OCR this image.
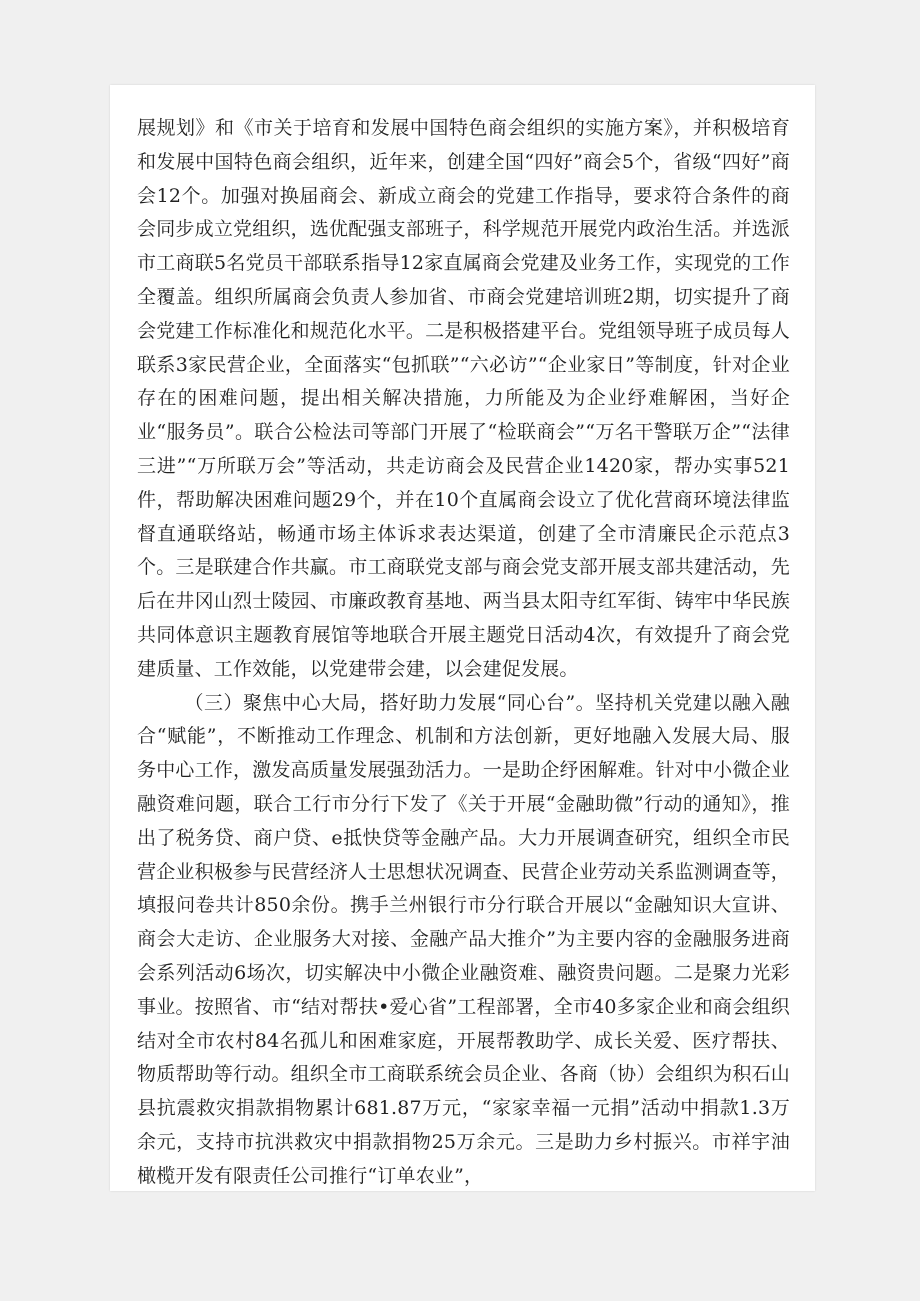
展规划》和《市关于培育和发展中国特色商会组织的实施方案》，并积极培育和发展中国特色商会组织，近年来，创建全国“四好”商会5个，省级“四好”商会12个。加强对换届商会、新成立商会的党建工作指导，要求符合条件的商会同步成立党组织，选优配强支部班子，科学规范开展党内政治生活。并选派市工商联5名党员干部联系指导12家直属商会党建及业务工作，实现党的工作全覆盖。组织所属商会负责人参加省、市商会党建培训班2期，切实提升了商会党建工作标准化和规范化水平。二是积极搭建平台。党组领导班子成员每人联系3家民营企业，全面落实“包抓联”“六必访”“企业家日”等制度，针对企业存在的困难问题，提出相关解决措施，力所能及为企业纾难解困，当好企业“服务员”。联合公检法司等部门开展了“检联商会”“万名干警联万企”“法律三进”“万所联万会”等活动，共走访商会及民营企业1420家，帮办实事521件，帮助解决困难问题29个，并在10个直属商会设立了优化营商环境法律监督直通联络站，畅通市场主体诉求表达渠道，创建了全市清廉民企示范点3个。三是联建合作共赢。市工商联党支部与商会党支部开展支部共建活动，先后在井冈山烈士陵园、市廉政教育基地、两当县太阳寺红军街、铸牢中华民族共同体意识主题教育展馆等地联合开展主题党日活动4次，有效提升了商会党建质量、工作效能，以党建带会建，以会建促发展。

（三）聚焦中心大局，搭好助力发展“同心台”。坚持机关党建以融入融合“赋能”，不断推动工作理念、机制和方法创新，更好地融入发展大局、服务中心工作，激发高质量发展强劲活力。一是助企纾困解难。针对中小微企业融资难问题，联合工行市分行下发了《关于开展“金融助微”行动的通知》，推出了税务贷、商户贷、e抵快贷等金融产品。大力开展调查研究，组织全市民营企业积极参与民营经济人士思想状况调查、民营企业劳动关系监测调查等，填报问卷共计850余份。携手兰州银行市分行联合开展以“金融知识大宣讲、商会大走访、企业服务大对接、金融产品大推介”为主要内容的金融服务进商会系列活动6场次，切实解决中小微企业融资难、融资贵问题。二是聚力光彩事业。按照省、市“结对帮扶•爱心省”工程部署，全市40多家企业和商会组织结对全市农村84名孤儿和困难家庭，开展帮教助学、成长关爱、医疗帮扶、物质帮助等行动。组织全市工商联系统会员企业、各商（协）会组织为积石山县抗震救灾捐款捐物累计681.87万元，“家家幸福一元捐”活动中捐款1.3万余元，支持市抗洪救灾中捐款捐物25万余元。三是助力乡村振兴。市祥宇油橄榄开发有限责任公司推行“订单农业”，
